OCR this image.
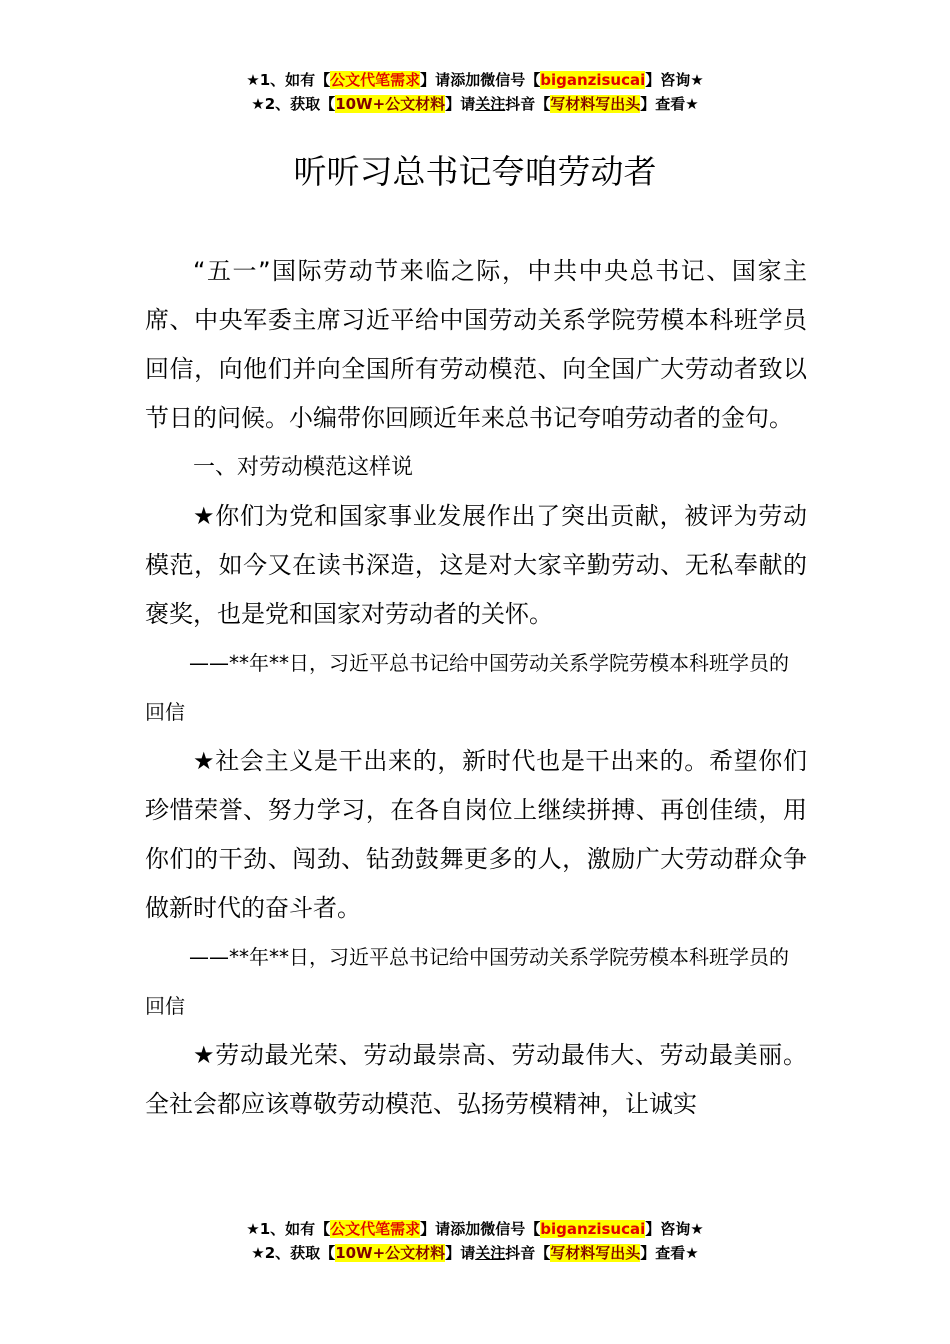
★1、如有【公文代笔需求】请添加微信号【biganzisucai】咨询★
★2、获取【10W+公文材料】请关注抖音【写材料写出头】查看★
听听习总书记夸咱劳动者

“五一”国际劳动节来临之际，中共中央总书记、国家主席、中央军委主席习近平给中国劳动关系学院劳模本科班学员回信，向他们并向全国所有劳动模范、向全国广大劳动者致以节日的问候。小编带你回顾近年来总书记夸咱劳动者的金句。

一、对劳动模范这样说

★你们为党和国家事业发展作出了突出贡献，被评为劳动模范，如今又在读书深造，这是对大家辛勤劳动、无私奉献的褒奖，也是党和国家对劳动者的关怀。

——**年**日，习近平总书记给中国劳动关系学院劳模本科班学员的回信

★社会主义是干出来的，新时代也是干出来的。希望你们珍惜荣誉、努力学习，在各自岗位上继续拼搏、再创佳绩，用你们的干劲、闯劲、钻劲鼓舞更多的人，激励广大劳动群众争做新时代的奋斗者。

——**年**日，习近平总书记给中国劳动关系学院劳模本科班学员的回信

★劳动最光荣、劳动最崇高、劳动最伟大、劳动最美丽。全社会都应该尊敬劳动模范、弘扬劳模精神，让诚实

★1、如有【公文代笔需求】请添加微信号【biganzisucai】咨询★
★2、获取【10W+公文材料】请关注抖音【写材料写出头】查看★
